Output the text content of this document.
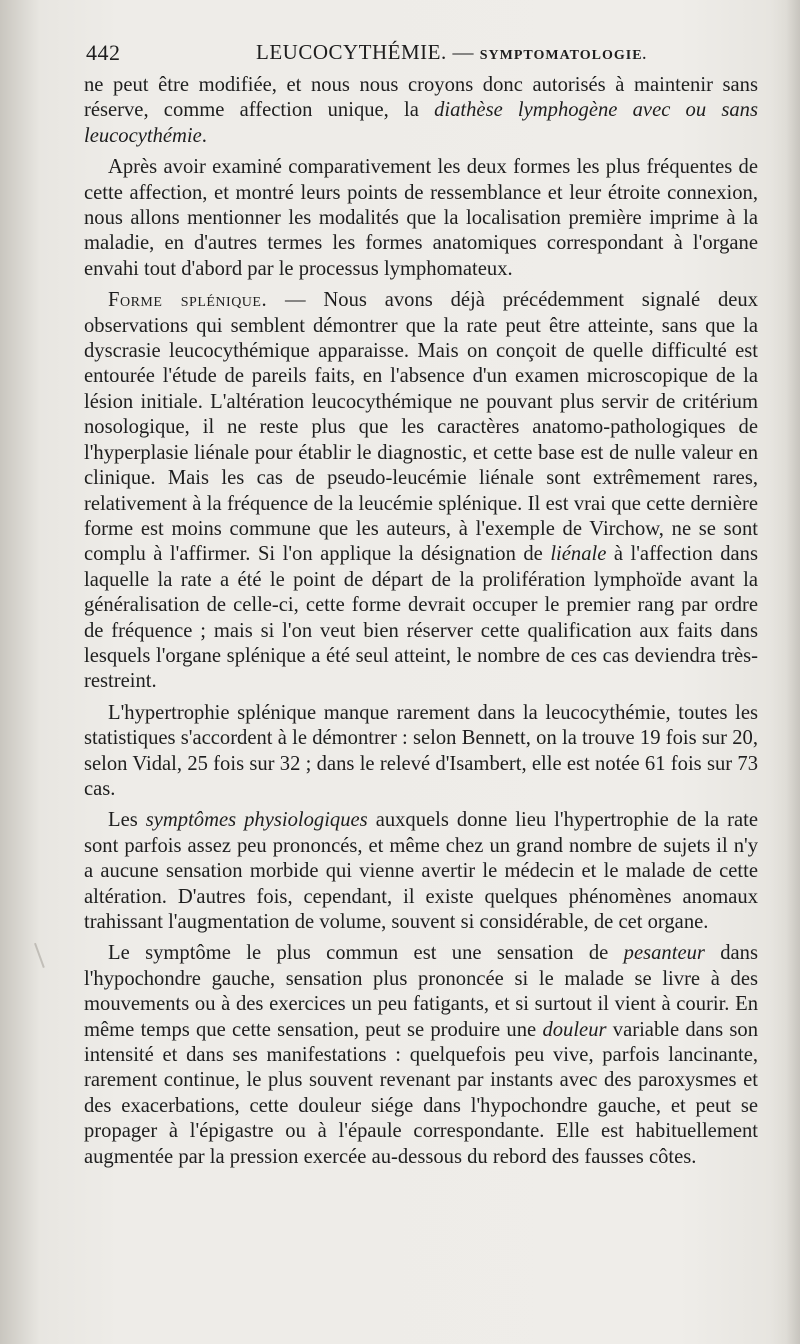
442	LEUCOCYTHÉMIE. — SYMPTOMATOLOGIE.

ne peut être modifiée, et nous nous croyons donc autorisés à maintenir sans réserve, comme affection unique, la diathèse lymphogène avec ou sans leucocythémie.

Après avoir examiné comparativement les deux formes les plus fréquentes de cette affection, et montré leurs points de ressemblance et leur étroite connexion, nous allons mentionner les modalités que la localisation première imprime à la maladie, en d'autres termes les formes anatomiques correspondant à l'organe envahi tout d'abord par le processus lymphomateux.

Forme splénique. — Nous avons déjà précédemment signalé deux observations qui semblent démontrer que la rate peut être atteinte, sans que la dyscrasie leucocythémique apparaisse. Mais on conçoit de quelle difficulté est entourée l'étude de pareils faits, en l'absence d'un examen microscopique de la lésion initiale. L'altération leucocythémique ne pouvant plus servir de critérium nosologique, il ne reste plus que les caractères anatomo-pathologiques de l'hyperplasie liénale pour établir le diagnostic, et cette base est de nulle valeur en clinique. Mais les cas de pseudo-leucémie liénale sont extrêmement rares, relativement à la fréquence de la leucémie splénique. Il est vrai que cette dernière forme est moins commune que les auteurs, à l'exemple de Virchow, ne se sont complu à l'affirmer. Si l'on applique la désignation de liénale à l'affection dans laquelle la rate a été le point de départ de la prolifération lymphoïde avant la généralisation de celle-ci, cette forme devrait occuper le premier rang par ordre de fréquence ; mais si l'on veut bien réserver cette qualification aux faits dans lesquels l'organe splénique a été seul atteint, le nombre de ces cas deviendra très-restreint.

L'hypertrophie splénique manque rarement dans la leucocythémie, toutes les statistiques s'accordent à le démontrer : selon Bennett, on la trouve 19 fois sur 20, selon Vidal, 25 fois sur 32 ; dans le relevé d'Isambert, elle est notée 61 fois sur 73 cas.

Les symptômes physiologiques auxquels donne lieu l'hypertrophie de la rate sont parfois assez peu prononcés, et même chez un grand nombre de sujets il n'y a aucune sensation morbide qui vienne avertir le médecin et le malade de cette altération. D'autres fois, cependant, il existe quelques phénomènes anomaux trahissant l'augmentation de volume, souvent si considérable, de cet organe.

Le symptôme le plus commun est une sensation de pesanteur dans l'hypochondre gauche, sensation plus prononcée si le malade se livre à des mouvements ou à des exercices un peu fatigants, et si surtout il vient à courir. En même temps que cette sensation, peut se produire une douleur variable dans son intensité et dans ses manifestations : quelquefois peu vive, parfois lancinante, rarement continue, le plus souvent revenant par instants avec des paroxysmes et des exacerbations, cette douleur siége dans l'hypochondre gauche, et peut se propager à l'épigastre ou à l'épaule correspondante. Elle est habituellement augmentée par la pression exercée au-dessous du rebord des fausses côtes.
